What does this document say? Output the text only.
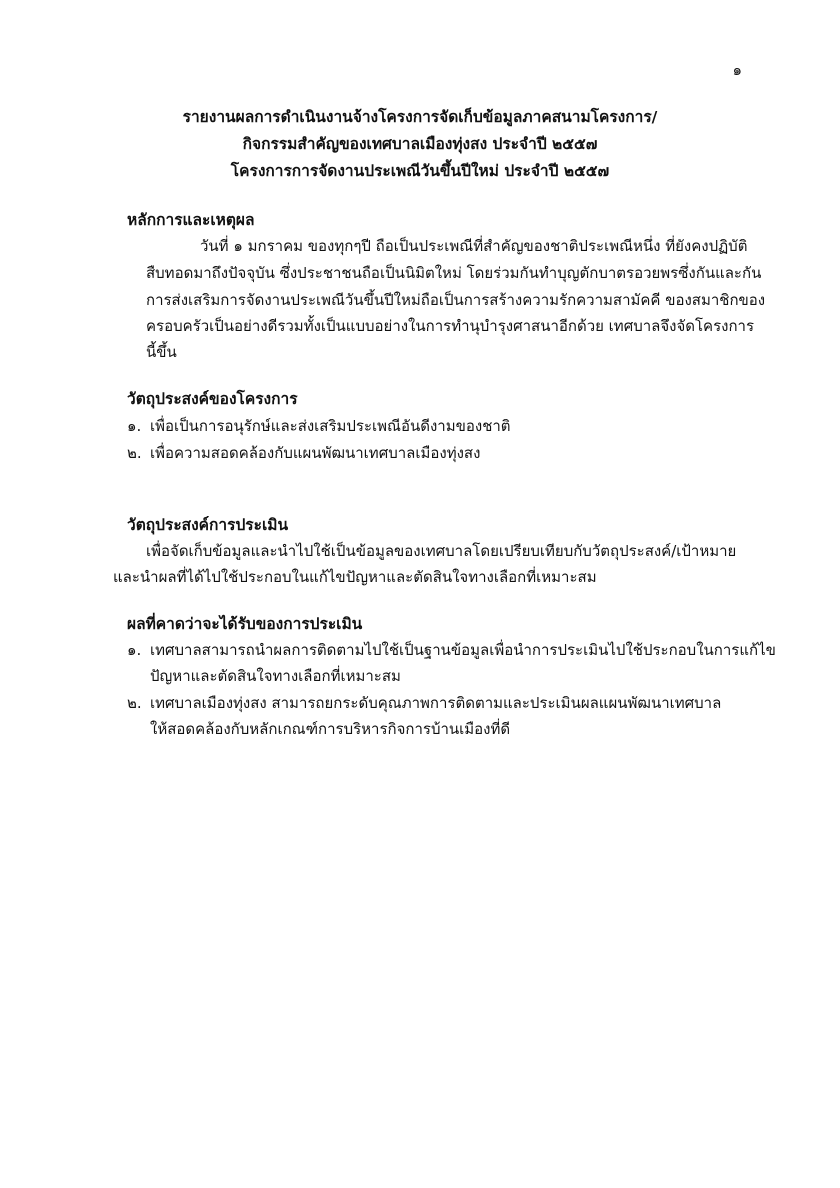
๑
รายงานผลการดำเนินงานจ้างโครงการจัดเก็บข้อมูลภาคสนามโครงการ/
กิจกรรมสำคัญของเทศบาลเมืองทุ่งสง ประจำปี ๒๕๕๗
โครงการการจัดงานประเพณีวันขึ้นปีใหม่ ประจำปี ๒๕๕๗
หลักการและเหตุผล
วันที่ ๑ มกราคม ของทุกๆปี ถือเป็นประเพณีที่สำคัญของชาติประเพณีหนึ่ง ที่ยังคงปฏิบัติ
สืบทอดมาถึงปัจจุบัน ซึ่งประชาชนถือเป็นนิมิตใหม่ โดยร่วมกันทำบุญตักบาตรอวยพรซึ่งกันและกัน
การส่งเสริมการจัดงานประเพณีวันขึ้นปีใหม่ถือเป็นการสร้างความรักความสามัคคี ของสมาชิกของ
ครอบครัวเป็นอย่างดีรวมทั้งเป็นแบบอย่างในการทำนุบำรุงศาสนาอีกด้วย เทศบาลจึงจัดโครงการ
นี้ขึ้น
วัตถุประสงค์ของโครงการ
๑. เพื่อเป็นการอนุรักษ์และส่งเสริมประเพณีอันดีงามของชาติ
๒. เพื่อความสอดคล้องกับแผนพัฒนาเทศบาลเมืองทุ่งสง
วัตถุประสงค์การประเมิน
เพื่อจัดเก็บข้อมูลและนำไปใช้เป็นข้อมูลของเทศบาลโดยเปรียบเทียบกับวัตถุประสงค์/เป้าหมาย
และนำผลที่ได้ไปใช้ประกอบในแก้ไขปัญหาและตัดสินใจทางเลือกที่เหมาะสม
ผลที่คาดว่าจะได้รับของการประเมิน
๑. เทศบาลสามารถนำผลการติดตามไปใช้เป็นฐานข้อมูลเพื่อนำการประเมินไปใช้ประกอบในการแก้ไข
ปัญหาและตัดสินใจทางเลือกที่เหมาะสม
๒. เทศบาลเมืองทุ่งสง สามารถยกระดับคุณภาพการติดตามและประเมินผลแผนพัฒนาเทศบาล
ให้สอดคล้องกับหลักเกณฑ์การบริหารกิจการบ้านเมืองที่ดี
